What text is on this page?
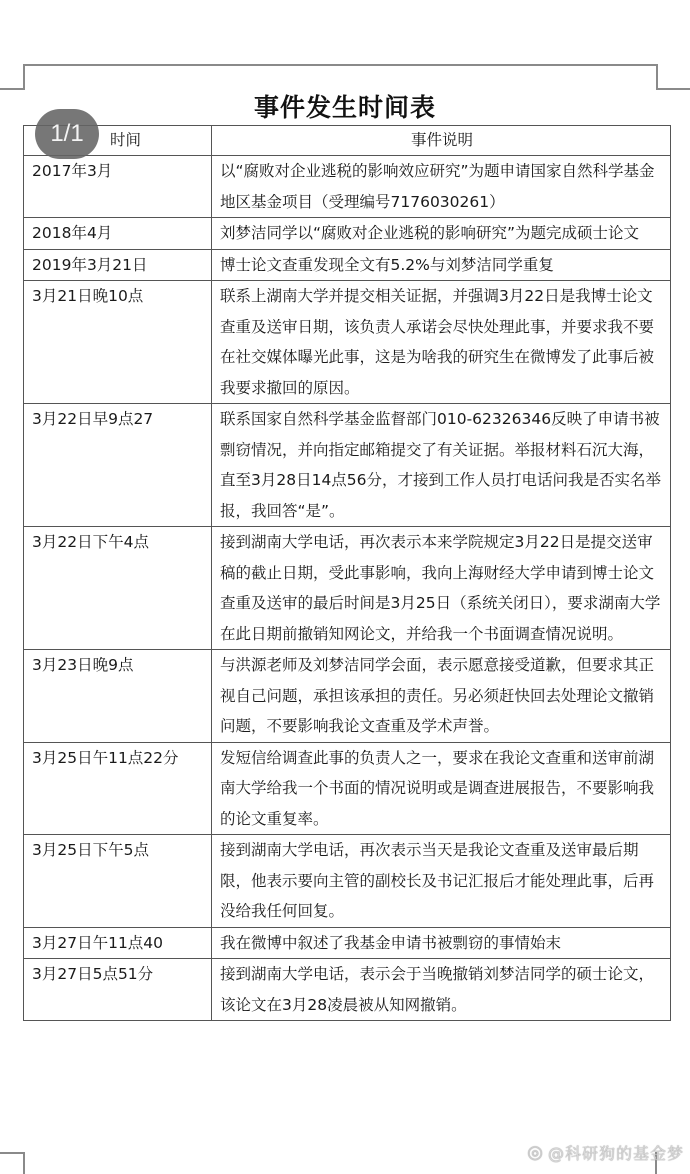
事件发生时间表
时间	事件说明
2017年3月	以“腐败对企业逃税的影响效应研究”为题申请国家自然科学基金地区基金项目（受理编号7176030261）
2018年4月	刘梦洁同学以“腐败对企业逃税的影响研究”为题完成硕士论文
2019年3月21日	博士论文查重发现全文有5.2%与刘梦洁同学重复
3月21日晚10点	联系上湖南大学并提交相关证据，并强调3月22日是我博士论文查重及送审日期，该负责人承诺会尽快处理此事，并要求我不要在社交媒体曝光此事，这是为啥我的研究生在微博发了此事后被我要求撤回的原因。
3月22日早9点27	联系国家自然科学基金监督部门010-62326346反映了申请书被剽窃情况，并向指定邮箱提交了有关证据。举报材料石沉大海，直至3月28日14点56分，才接到工作人员打电话问我是否实名举报，我回答“是”。
3月22日下午4点	接到湖南大学电话，再次表示本来学院规定3月22日是提交送审稿的截止日期，受此事影响，我向上海财经大学申请到博士论文查重及送审的最后时间是3月25日（系统关闭日），要求湖南大学在此日期前撤销知网论文，并给我一个书面调查情况说明。
3月23日晚9点	与洪源老师及刘梦洁同学会面，表示愿意接受道歉，但要求其正视自己问题，承担该承担的责任。另必须赶快回去处理论文撤销问题，不要影响我论文查重及学术声誉。
3月25日午11点22分	发短信给调查此事的负责人之一，要求在我论文查重和送审前湖南大学给我一个书面的情况说明或是调查进展报告，不要影响我的论文重复率。
3月25日下午5点	接到湖南大学电话，再次表示当天是我论文查重及送审最后期限，他表示要向主管的副校长及书记汇报后才能处理此事，后再没给我任何回复。
3月27日午11点40	我在微博中叙述了我基金申请书被剽窃的事情始末
3月27日5点51分	接到湖南大学电话，表示会于当晚撤销刘梦洁同学的硕士论文，该论文在3月28凌晨被从知网撤销。
1/1
◎ @科研狗的基金梦
